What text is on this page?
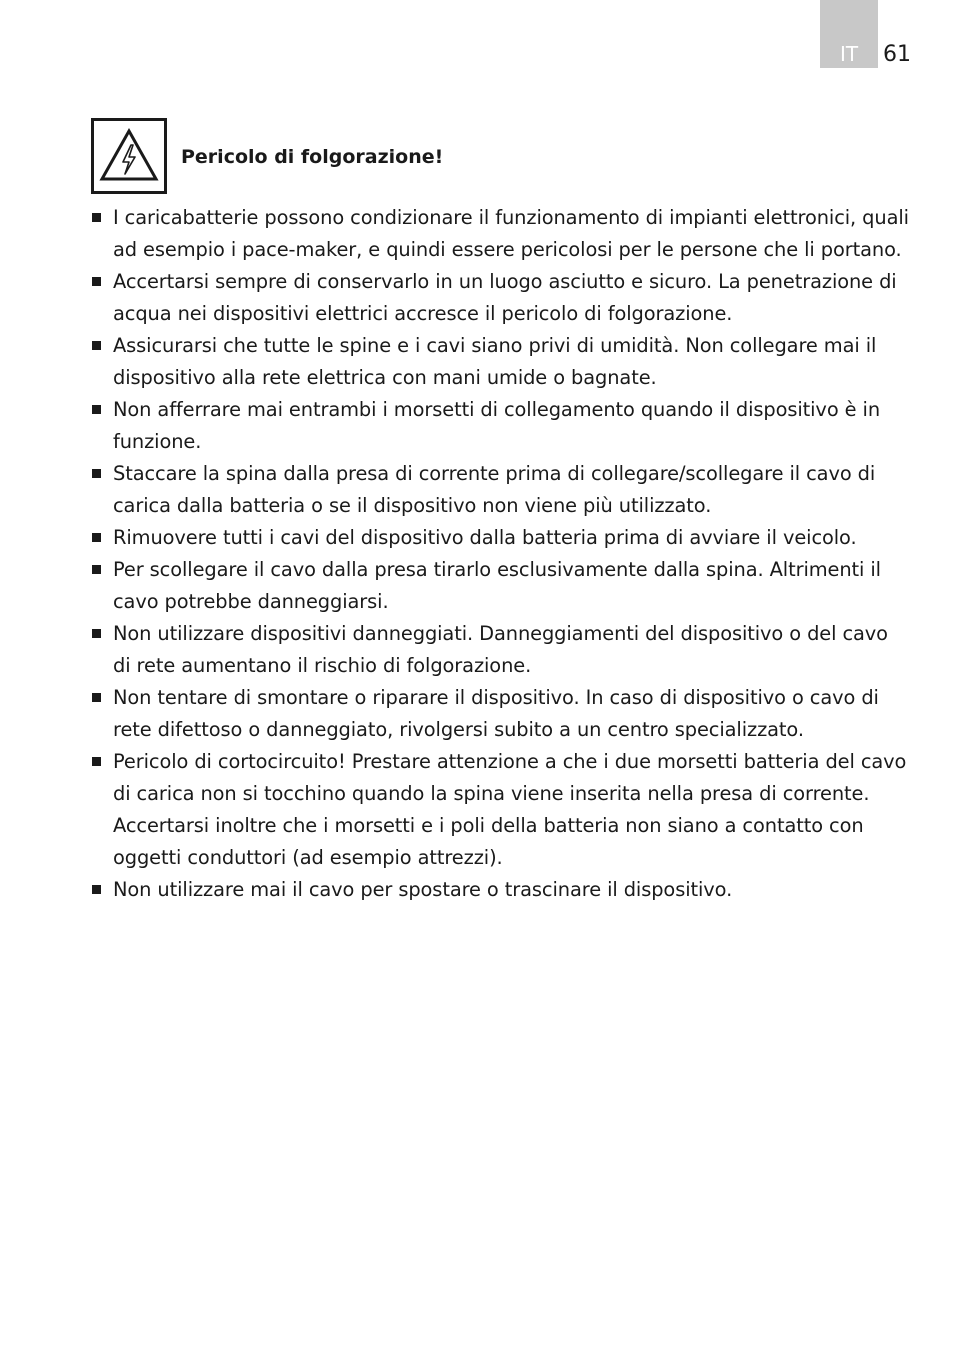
IT	61
Pericolo di folgorazione!
I caricabatterie possono condizionare il funzionamento di impianti elettronici, quali ad esempio i pace-maker, e quindi essere pericolosi per le persone che li portano.
Accertarsi sempre di conservarlo in un luogo asciutto e sicuro. La penetrazione di acqua nei dispositivi elettrici accresce il pericolo di folgorazione.
Assicurarsi che tutte le spine e i cavi siano privi di umidità. Non collegare mai il dispositivo alla rete elettrica con mani umide o bagnate.
Non afferrare mai entrambi i morsetti di collegamento quando il dispositivo è in funzione.
Staccare la spina dalla presa di corrente prima di collegare/scollegare il cavo di carica dalla batteria o se il dispositivo non viene più utilizzato.
Rimuovere tutti i cavi del dispositivo dalla batteria prima di avviare il veicolo.
Per scollegare il cavo dalla presa tirarlo esclusivamente dalla spina. Altrimenti il cavo potrebbe danneggiarsi.
Non utilizzare dispositivi danneggiati. Danneggiamenti del dispositivo o del cavo di rete aumentano il rischio di folgorazione.
Non tentare di smontare o riparare il dispositivo. In caso di dispositivo o cavo di rete difettoso o danneggiato, rivolgersi subito a un centro specializzato.
Pericolo di cortocircuito! Prestare attenzione a che i due morsetti batteria del cavo di carica non si tocchino quando la spina viene inserita nella presa di corrente. Accertarsi inoltre che i morsetti e i poli della batteria non siano a contatto con oggetti conduttori (ad esempio attrezzi).
Non utilizzare mai il cavo per spostare o trascinare il dispositivo.
